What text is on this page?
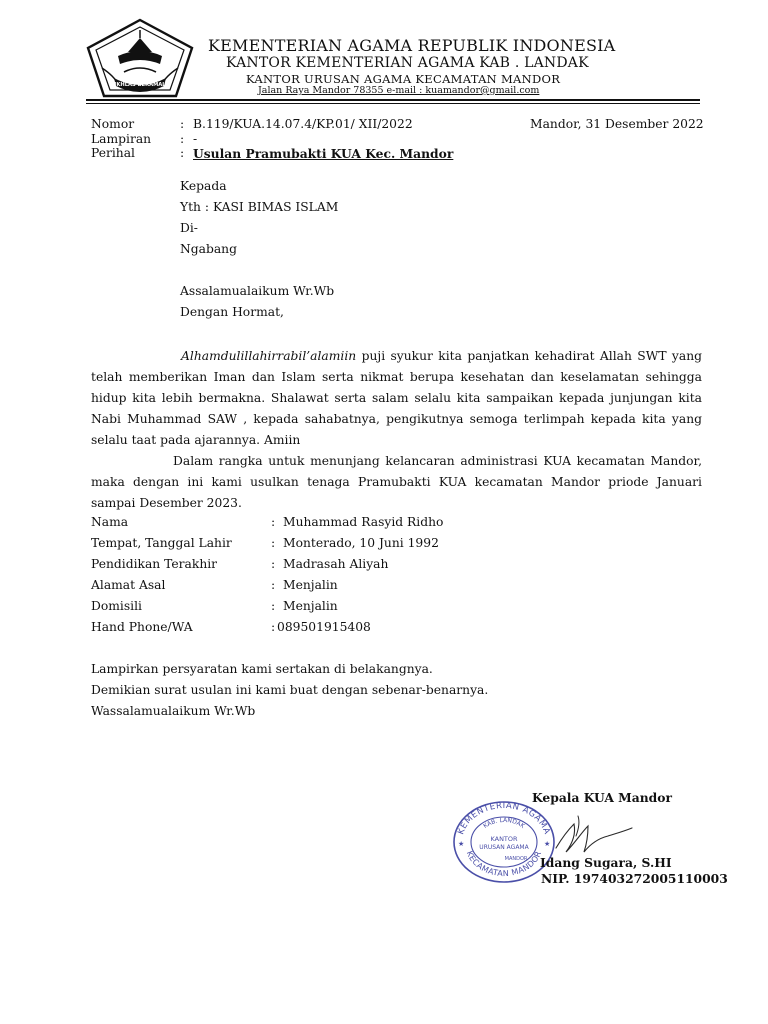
IKHLAS BERAMAL
KEMENTERIAN AGAMA REPUBLIK INDONESIA
KANTOR KEMENTERIAN AGAMA KAB . LANDAK
KANTOR URUSAN AGAMA KECAMATAN MANDOR
Jalan Raya Mandor 78355 e-mail : kuamandor@gmail.com
Nomor	: B.119/KUA.14.07.4/KP.01/ XII/2022	Mandor, 31 Desember 2022
Lampiran : -
Perihal	: Usulan Pramubakti KUA Kec. Mandor
Kepada
Yth : KASI BIMAS ISLAM
Di-
Ngabang
Assalamualaikum Wr.Wb
Dengan Hormat,
Alhamdulillahirrabil’alamiin puji syukur kita panjatkan kehadirat Allah SWT yang telah memberikan Iman dan Islam serta nikmat berupa kesehatan dan keselamatan sehingga hidup kita lebih bermakna. Shalawat serta salam selalu kita sampaikan kepada junjungan kita Nabi Muhammad SAW , kepada sahabatnya, pengikutnya semoga terlimpah kepada kita yang selalu taat pada ajarannya. Amiin
Dalam rangka untuk menunjang kelancaran administrasi KUA kecamatan Mandor, maka dengan ini kami usulkan tenaga Pramubakti KUA kecamatan Mandor priode Januari sampai Desember 2023.
Nama	: Muhammad Rasyid Ridho
Tempat, Tanggal Lahir	: Monterado, 10 Juni 1992
Pendidikan Terakhir	: Madrasah Aliyah
Alamat Asal	: Menjalin
Domisili	: Menjalin
Hand Phone/WA	: 089501915408
Lampirkan persyaratan kami sertakan di belakangnya.
Demikian surat usulan ini kami buat dengan sebenar-benarnya.
Wassalamualaikum Wr.Wb
Kepala KUA Mandor
KEMENTERIAN AGAMA
KAB. LANDAK
KANTOR
URUSAN AGAMA
MANDOR
KECAMATAN MANDOR
★	★
Idang Sugara, S.HI
NIP. 197403272005110003
